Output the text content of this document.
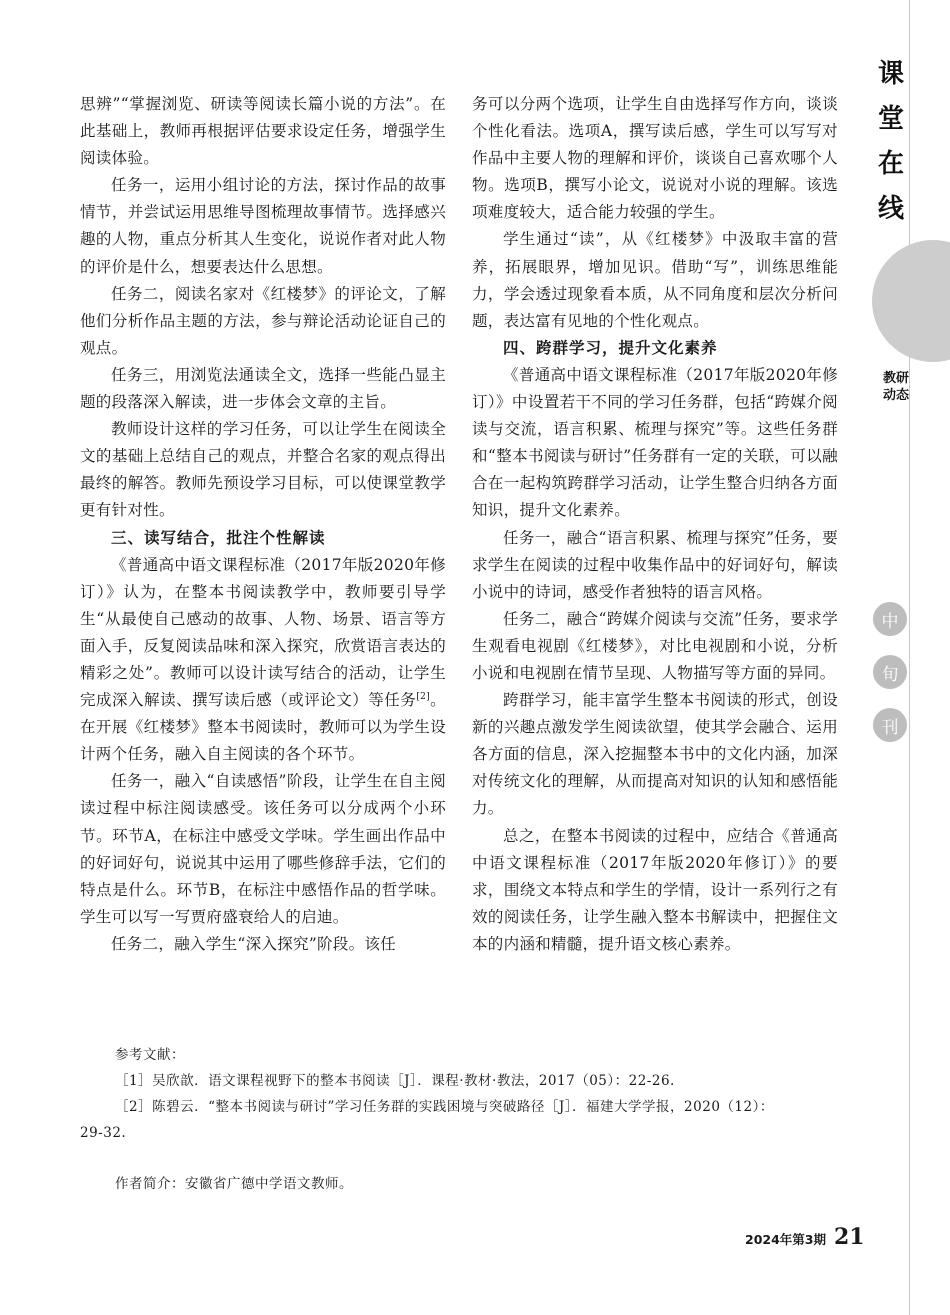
课堂在线
教研动态
中
旬
刊

思辨”“掌握浏览、研读等阅读长篇小说的方法”。在此基础上，教师再根据评估要求设定任务，增强学生阅读体验。

任务一，运用小组讨论的方法，探讨作品的故事情节，并尝试运用思维导图梳理故事情节。选择感兴趣的人物，重点分析其人生变化，说说作者对此人物的评价是什么，想要表达什么思想。

任务二，阅读名家对《红楼梦》的评论文，了解他们分析作品主题的方法，参与辩论活动论证自己的观点。

任务三，用浏览法通读全文，选择一些能凸显主题的段落深入解读，进一步体会文章的主旨。

教师设计这样的学习任务，可以让学生在阅读全文的基础上总结自己的观点，并整合名家的观点得出最终的解答。教师先预设学习目标，可以使课堂教学更有针对性。

三、读写结合，批注个性解读

《普通高中语文课程标准（2017年版2020年修订）》认为，在整本书阅读教学中，教师要引导学生“从最使自己感动的故事、人物、场景、语言等方面入手，反复阅读品味和深入探究，欣赏语言表达的精彩之处”。教师可以设计读写结合的活动，让学生完成深入解读、撰写读后感（或评论文）等任务[2]。在开展《红楼梦》整本书阅读时，教师可以为学生设计两个任务，融入自主阅读的各个环节。

任务一，融入“自读感悟”阶段，让学生在自主阅读过程中标注阅读感受。该任务可以分成两个小环节。环节A，在标注中感受文学味。学生画出作品中的好词好句，说说其中运用了哪些修辞手法，它们的特点是什么。环节B，在标注中感悟作品的哲学味。学生可以写一写贾府盛衰给人的启迪。

任务二，融入学生“深入探究”阶段。该任

务可以分两个选项，让学生自由选择写作方向，谈谈个性化看法。选项A，撰写读后感，学生可以写写对作品中主要人物的理解和评价，谈谈自己喜欢哪个人物。选项B，撰写小论文，说说对小说的理解。该选项难度较大，适合能力较强的学生。

学生通过“读”，从《红楼梦》中汲取丰富的营养，拓展眼界，增加见识。借助“写”，训练思维能力，学会透过现象看本质，从不同角度和层次分析问题，表达富有见地的个性化观点。

四、跨群学习，提升文化素养

《普通高中语文课程标准（2017年版2020年修订）》中设置若干不同的学习任务群，包括“跨媒介阅读与交流，语言积累、梳理与探究”等。这些任务群和“整本书阅读与研讨”任务群有一定的关联，可以融合在一起构筑跨群学习活动，让学生整合归纳各方面知识，提升文化素养。

任务一，融合“语言积累、梳理与探究”任务，要求学生在阅读的过程中收集作品中的好词好句，解读小说中的诗词，感受作者独特的语言风格。

任务二，融合“跨媒介阅读与交流”任务，要求学生观看电视剧《红楼梦》，对比电视剧和小说，分析小说和电视剧在情节呈现、人物描写等方面的异同。

跨群学习，能丰富学生整本书阅读的形式，创设新的兴趣点激发学生阅读欲望，使其学会融合、运用各方面的信息，深入挖掘整本书中的文化内涵，加深对传统文化的理解，从而提高对知识的认知和感悟能力。

总之，在整本书阅读的过程中，应结合《普通高中语文课程标准（2017年版2020年修订）》的要求，围绕文本特点和学生的学情，设计一系列行之有效的阅读任务，让学生融入整本书解读中，把握住文本的内涵和精髓，提升语文核心素养。

参考文献：

［1］吴欣歆．语文课程视野下的整本书阅读［J］．课程·教材·教法，2017（05）：22-26.

［2］陈碧云．“整本书阅读与研讨”学习任务群的实践困境与突破路径［J］．福建大学学报，2020（12）：

29-32.

作者简介：安徽省广德中学语文教师。
2024年第3期 21
